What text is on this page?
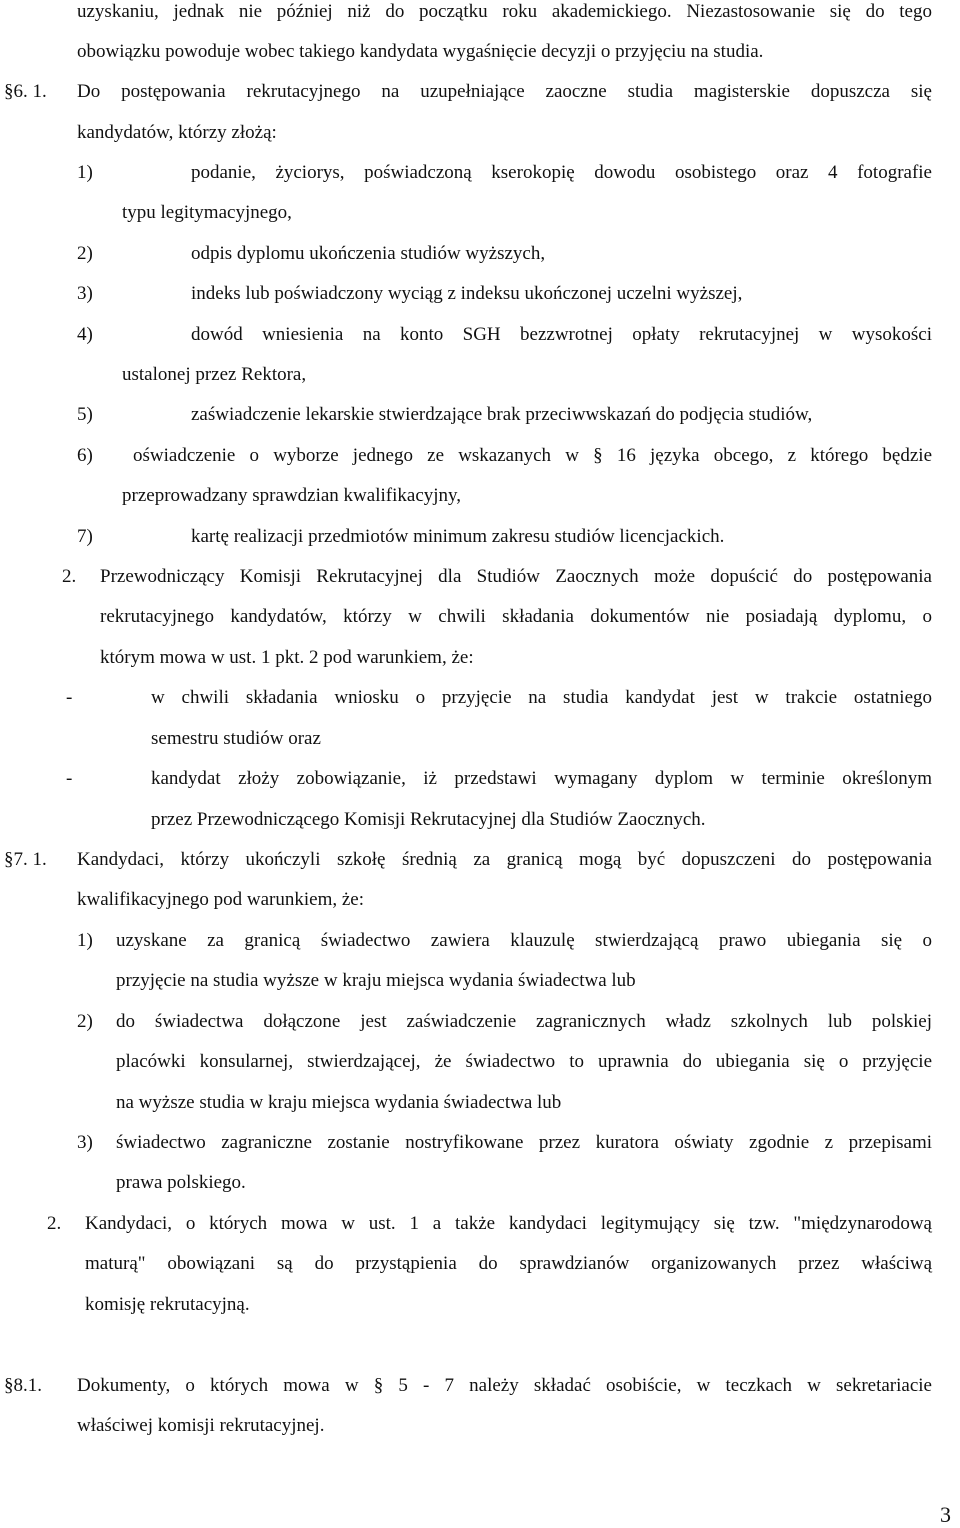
uzyskaniu, jednak nie później niż do początku roku akademickiego. Niezastosowanie się do tego
obowiązku powoduje wobec takiego kandydata wygaśnięcie decyzji o przyjęciu na studia.
§6. 1. Do postępowania rekrutacyjnego na uzupełniające zaoczne studia magisterskie dopuszcza się
kandydatów, którzy złożą:
1)	podanie, życiorys, poświadczoną kserokopię dowodu osobistego oraz 4 fotografie
typu legitymacyjnego,
2)	odpis dyplomu ukończenia studiów wyższych,
3)	indeks lub poświadczony wyciąg z indeksu ukończonej uczelni wyższej,
4)	dowód wniesienia na konto SGH bezzwrotnej opłaty rekrutacyjnej w wysokości
ustalonej przez Rektora,
5)	zaświadczenie lekarskie stwierdzające brak przeciwwskazań do podjęcia studiów,
6) oświadczenie o wyborze jednego ze wskazanych w § 16 języka obcego, z którego będzie
przeprowadzany sprawdzian kwalifikacyjny,
7)	kartę realizacji przedmiotów minimum zakresu studiów licencjackich.
2. Przewodniczący Komisji Rekrutacyjnej dla Studiów Zaocznych może dopuścić do postępowania
rekrutacyjnego kandydatów, którzy w chwili składania dokumentów nie posiadają dyplomu, o
którym mowa w ust. 1 pkt. 2 pod warunkiem, że:
-	w chwili składania wniosku o przyjęcie na studia kandydat jest w trakcie ostatniego
semestru studiów oraz
-	kandydat złoży zobowiązanie, iż przedstawi wymagany dyplom w terminie określonym
przez Przewodniczącego Komisji Rekrutacyjnej dla Studiów Zaocznych.
§7. 1. Kandydaci, którzy ukończyli szkołę średnią za granicą mogą być dopuszczeni do postępowania
kwalifikacyjnego pod warunkiem, że:
1) uzyskane za granicą świadectwo zawiera klauzulę stwierdzającą prawo ubiegania się o
przyjęcie na studia wyższe w kraju miejsca wydania świadectwa lub
2) do świadectwa dołączone jest zaświadczenie zagranicznych władz szkolnych lub polskiej
placówki konsularnej, stwierdzającej, że świadectwo to uprawnia do ubiegania się o przyjęcie
na wyższe studia w kraju miejsca wydania świadectwa lub
3) świadectwo zagraniczne zostanie nostryfikowane przez kuratora oświaty zgodnie z przepisami
prawa polskiego.
2. Kandydaci, o których mowa w ust. 1 a także kandydaci legitymujący się tzw. "międzynarodową
maturą" obowiązani są do przystąpienia do sprawdzianów organizowanych przez właściwą
komisję rekrutacyjną.
§8.1. Dokumenty, o których mowa w § 5 - 7 należy składać osobiście, w teczkach w sekretariacie
właściwej komisji rekrutacyjnej.
3
